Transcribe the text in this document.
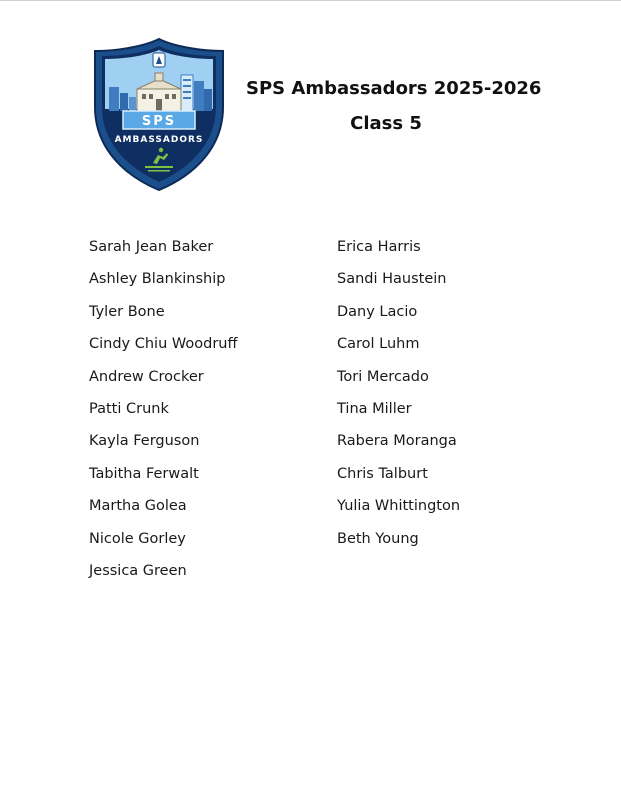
SPS
AMBASSADORS
SPS Ambassadors 2025-2026
Class 5
Sarah Jean Baker
Ashley Blankinship
Tyler Bone
Cindy Chiu Woodruff
Andrew Crocker
Patti Crunk
Kayla Ferguson
Tabitha Ferwalt
Martha Golea
Nicole Gorley
Jessica Green
Erica Harris
Sandi Haustein
Dany Lacio
Carol Luhm
Tori Mercado
Tina Miller
Rabera Moranga
Chris Talburt
Yulia Whittington
Beth Young
